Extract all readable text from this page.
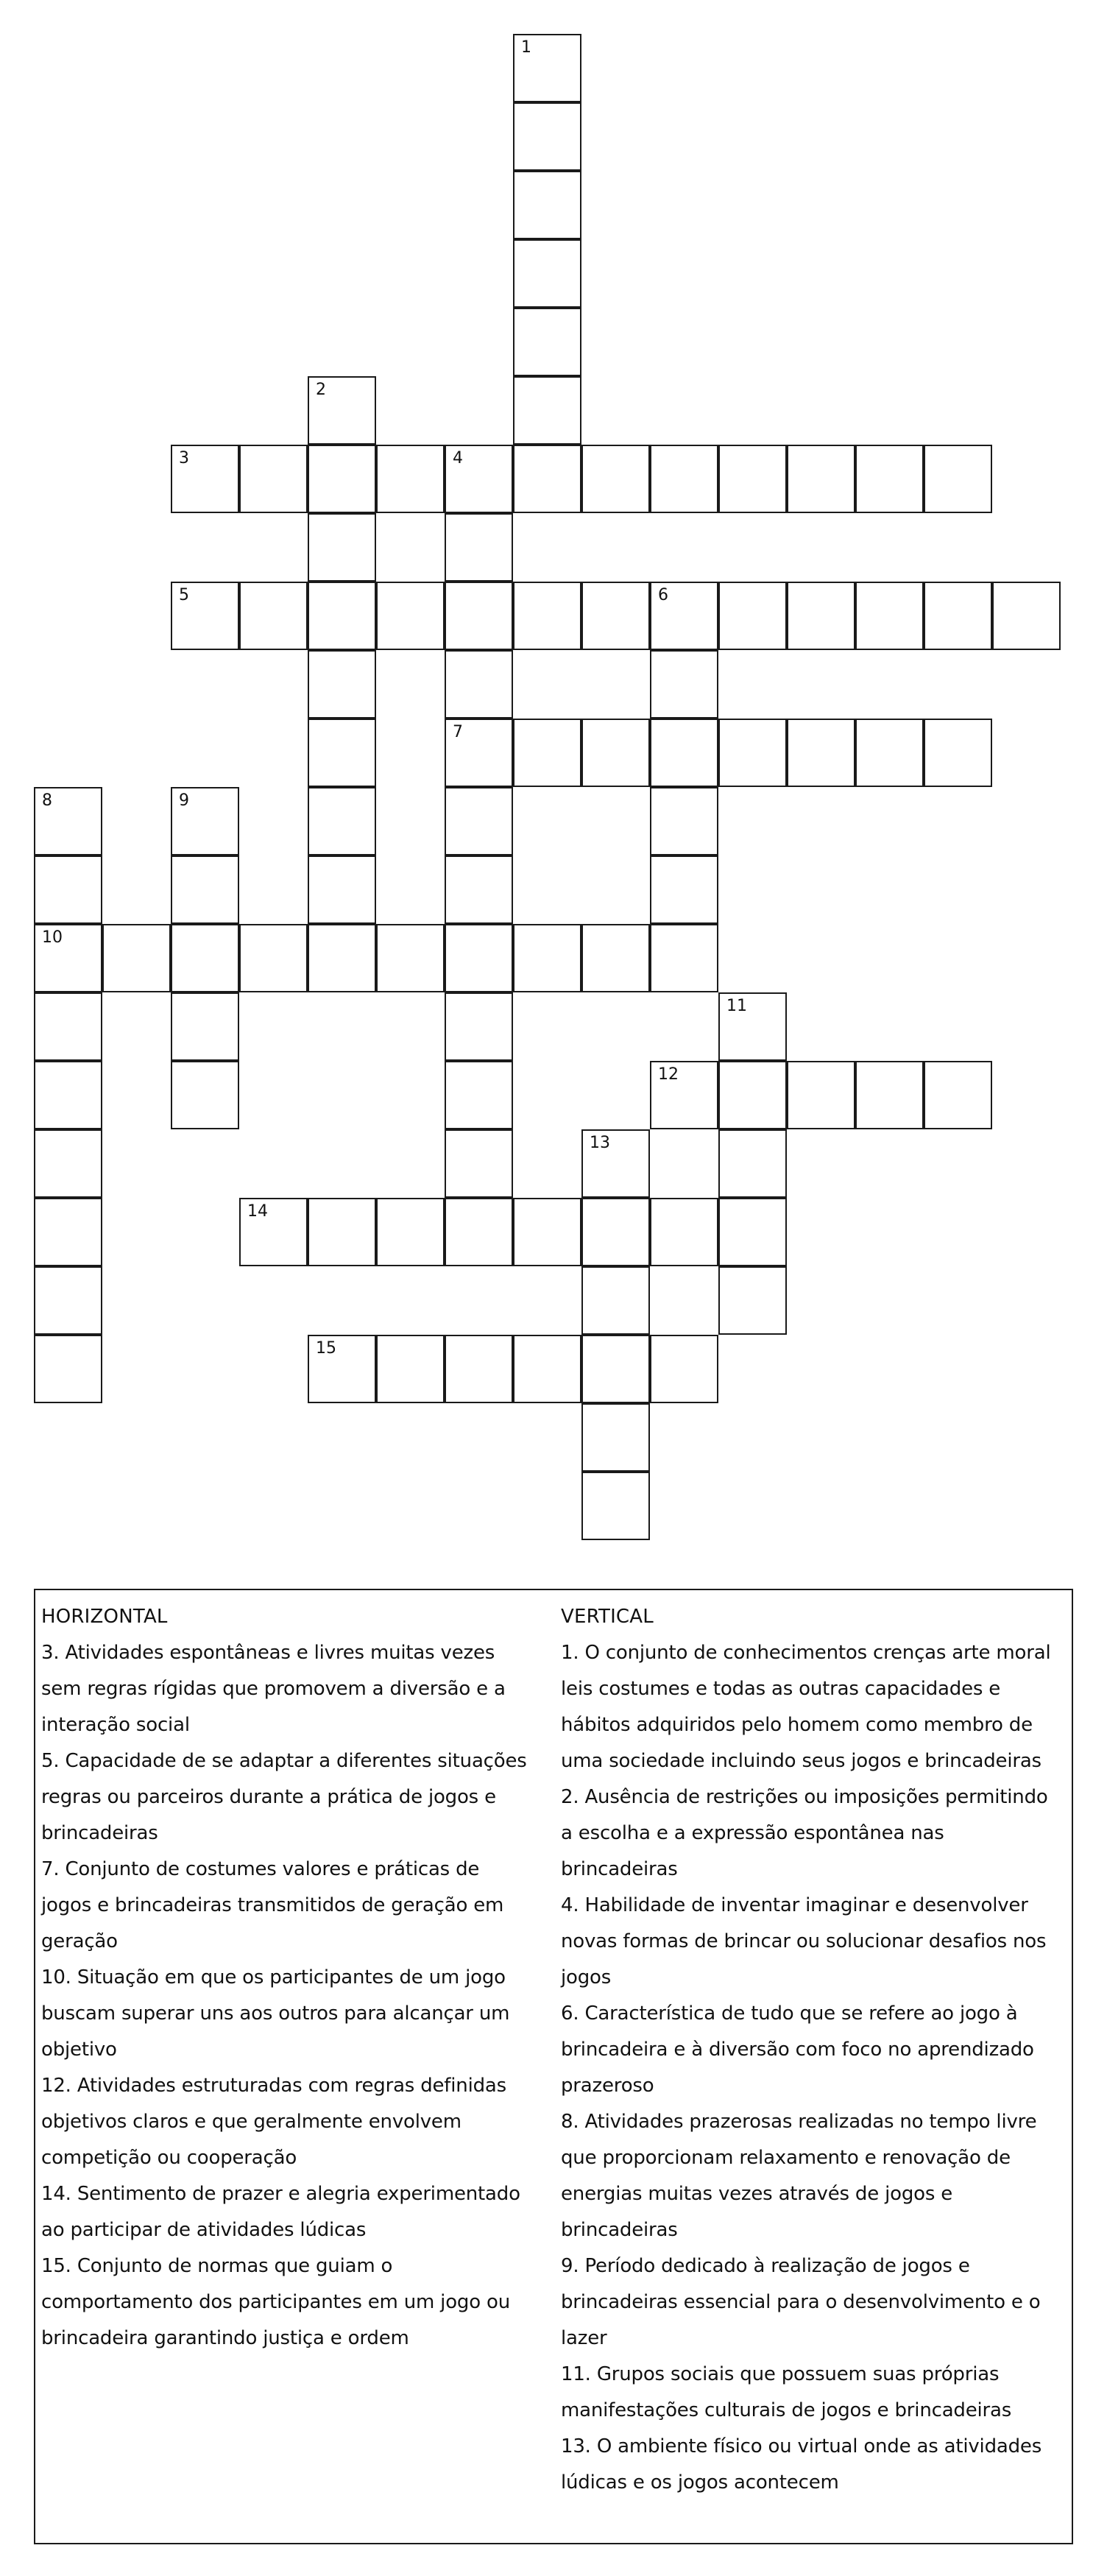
1
2
3	4
7
5	6
8
10
9
11
12
13
14
15
HORIZONTAL
3. Atividades espontâneas e livres muitas vezes
sem regras rígidas que promovem a diversão e a
interação social
5. Capacidade de se adaptar a diferentes situações
regras ou parceiros durante a prática de jogos e
brincadeiras
7. Conjunto de costumes valores e práticas de
jogos e brincadeiras transmitidos de geração em
geração
10. Situação em que os participantes de um jogo
buscam superar uns aos outros para alcançar um
objetivo
12. Atividades estruturadas com regras definidas
objetivos claros e que geralmente envolvem
competição ou cooperação
14. Sentimento de prazer e alegria experimentado
ao participar de atividades lúdicas
15. Conjunto de normas que guiam o
comportamento dos participantes em um jogo ou
brincadeira garantindo justiça e ordem
VERTICAL
1. O conjunto de conhecimentos crenças arte moral
leis costumes e todas as outras capacidades e
hábitos adquiridos pelo homem como membro de
uma sociedade incluindo seus jogos e brincadeiras
2. Ausência de restrições ou imposições permitindo
a escolha e a expressão espontânea nas
brincadeiras
4. Habilidade de inventar imaginar e desenvolver
novas formas de brincar ou solucionar desafios nos
jogos
6. Característica de tudo que se refere ao jogo à
brincadeira e à diversão com foco no aprendizado
prazeroso
8. Atividades prazerosas realizadas no tempo livre
que proporcionam relaxamento e renovação de
energias muitas vezes através de jogos e
brincadeiras
9. Período dedicado à realização de jogos e
brincadeiras essencial para o desenvolvimento e o
lazer
11. Grupos sociais que possuem suas próprias
manifestações culturais de jogos e brincadeiras
13. O ambiente físico ou virtual onde as atividades
lúdicas e os jogos acontecem
